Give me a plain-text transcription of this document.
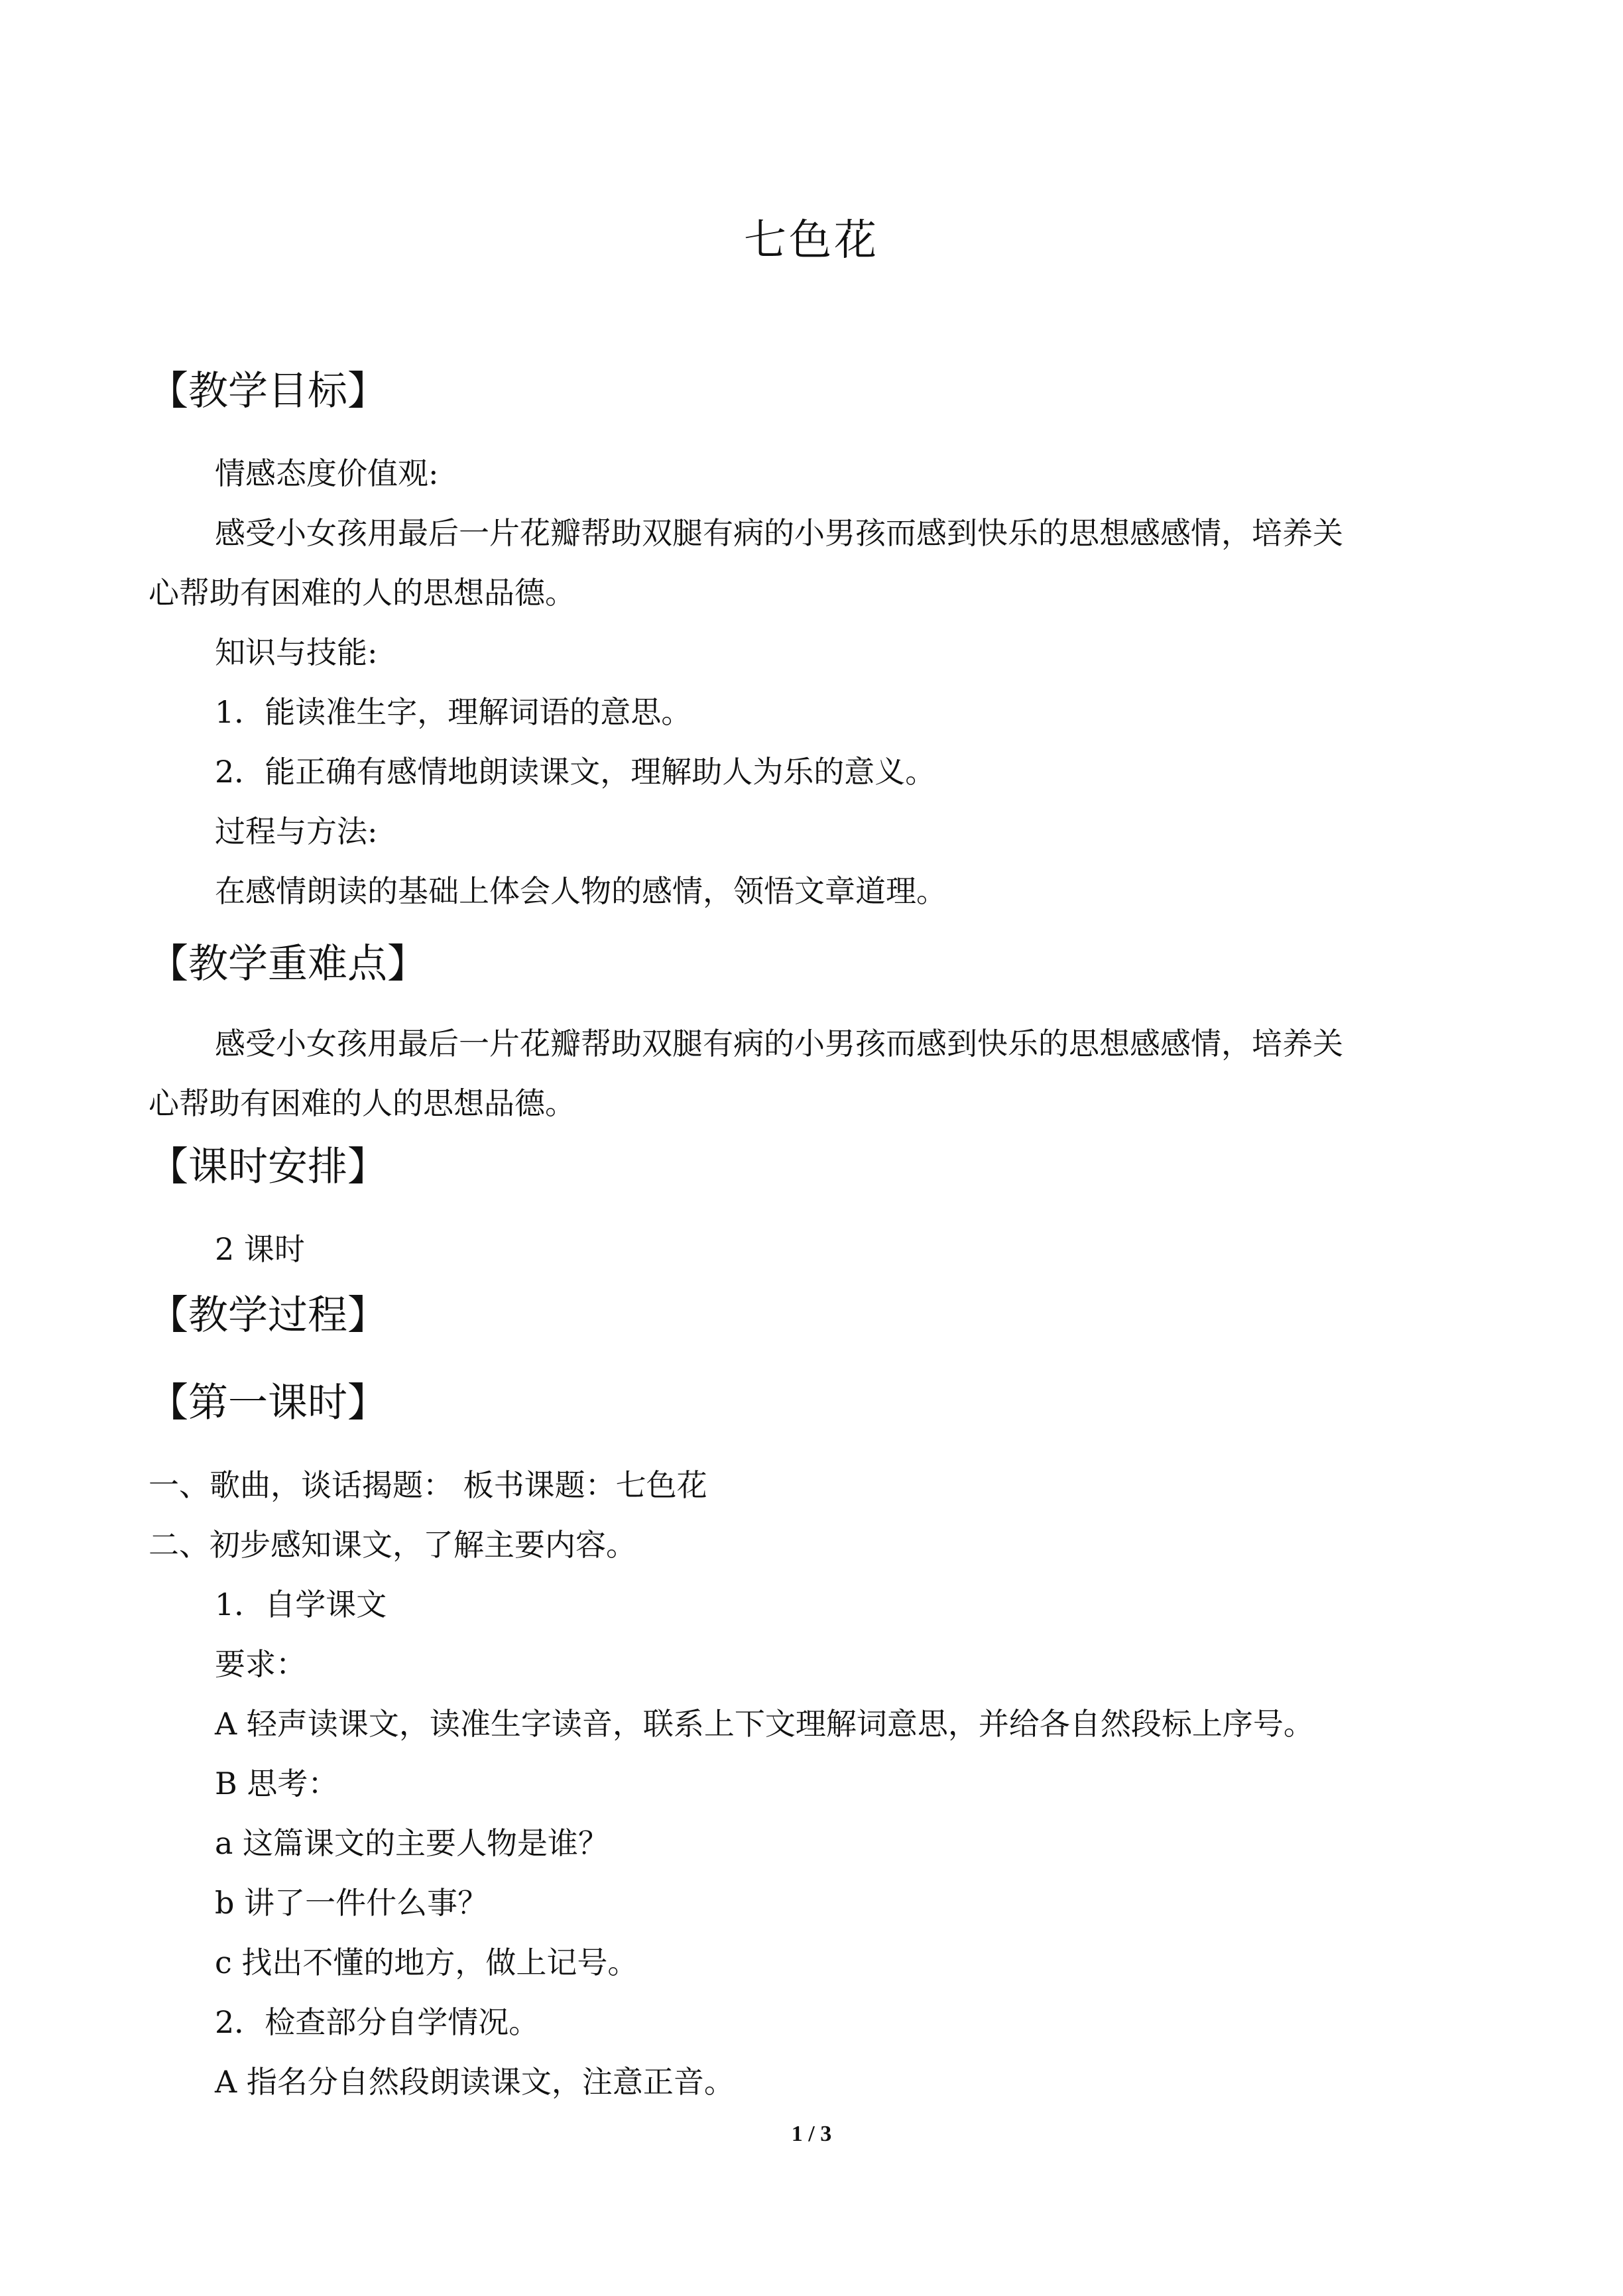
七色花
【教学目标】
情感态度价值观:
感受小女孩用最后一片花瓣帮助双腿有病的小男孩而感到快乐的思想感感情，培养关
心帮助有困难的人的思想品德。
知识与技能:
1．能读准生字，理解词语的意思。
2．能正确有感情地朗读课文，理解助人为乐的意义。
过程与方法:
在感情朗读的基础上体会人物的感情，领悟文章道理。
【教学重难点】
感受小女孩用最后一片花瓣帮助双腿有病的小男孩而感到快乐的思想感感情，培养关
心帮助有困难的人的思想品德。
【课时安排】
2 课时
【教学过程】
【第一课时】
一、歌曲，谈话揭题： 板书课题：七色花
二、初步感知课文，了解主要内容。
1．自学课文
要求：
A 轻声读课文，读准生字读音，联系上下文理解词意思，并给各自然段标上序号。
B 思考：
a 这篇课文的主要人物是谁？
b 讲了一件什么事？
c 找出不懂的地方，做上记号。
2．检查部分自学情况。
A 指名分自然段朗读课文，注意正音。
1 / 3
